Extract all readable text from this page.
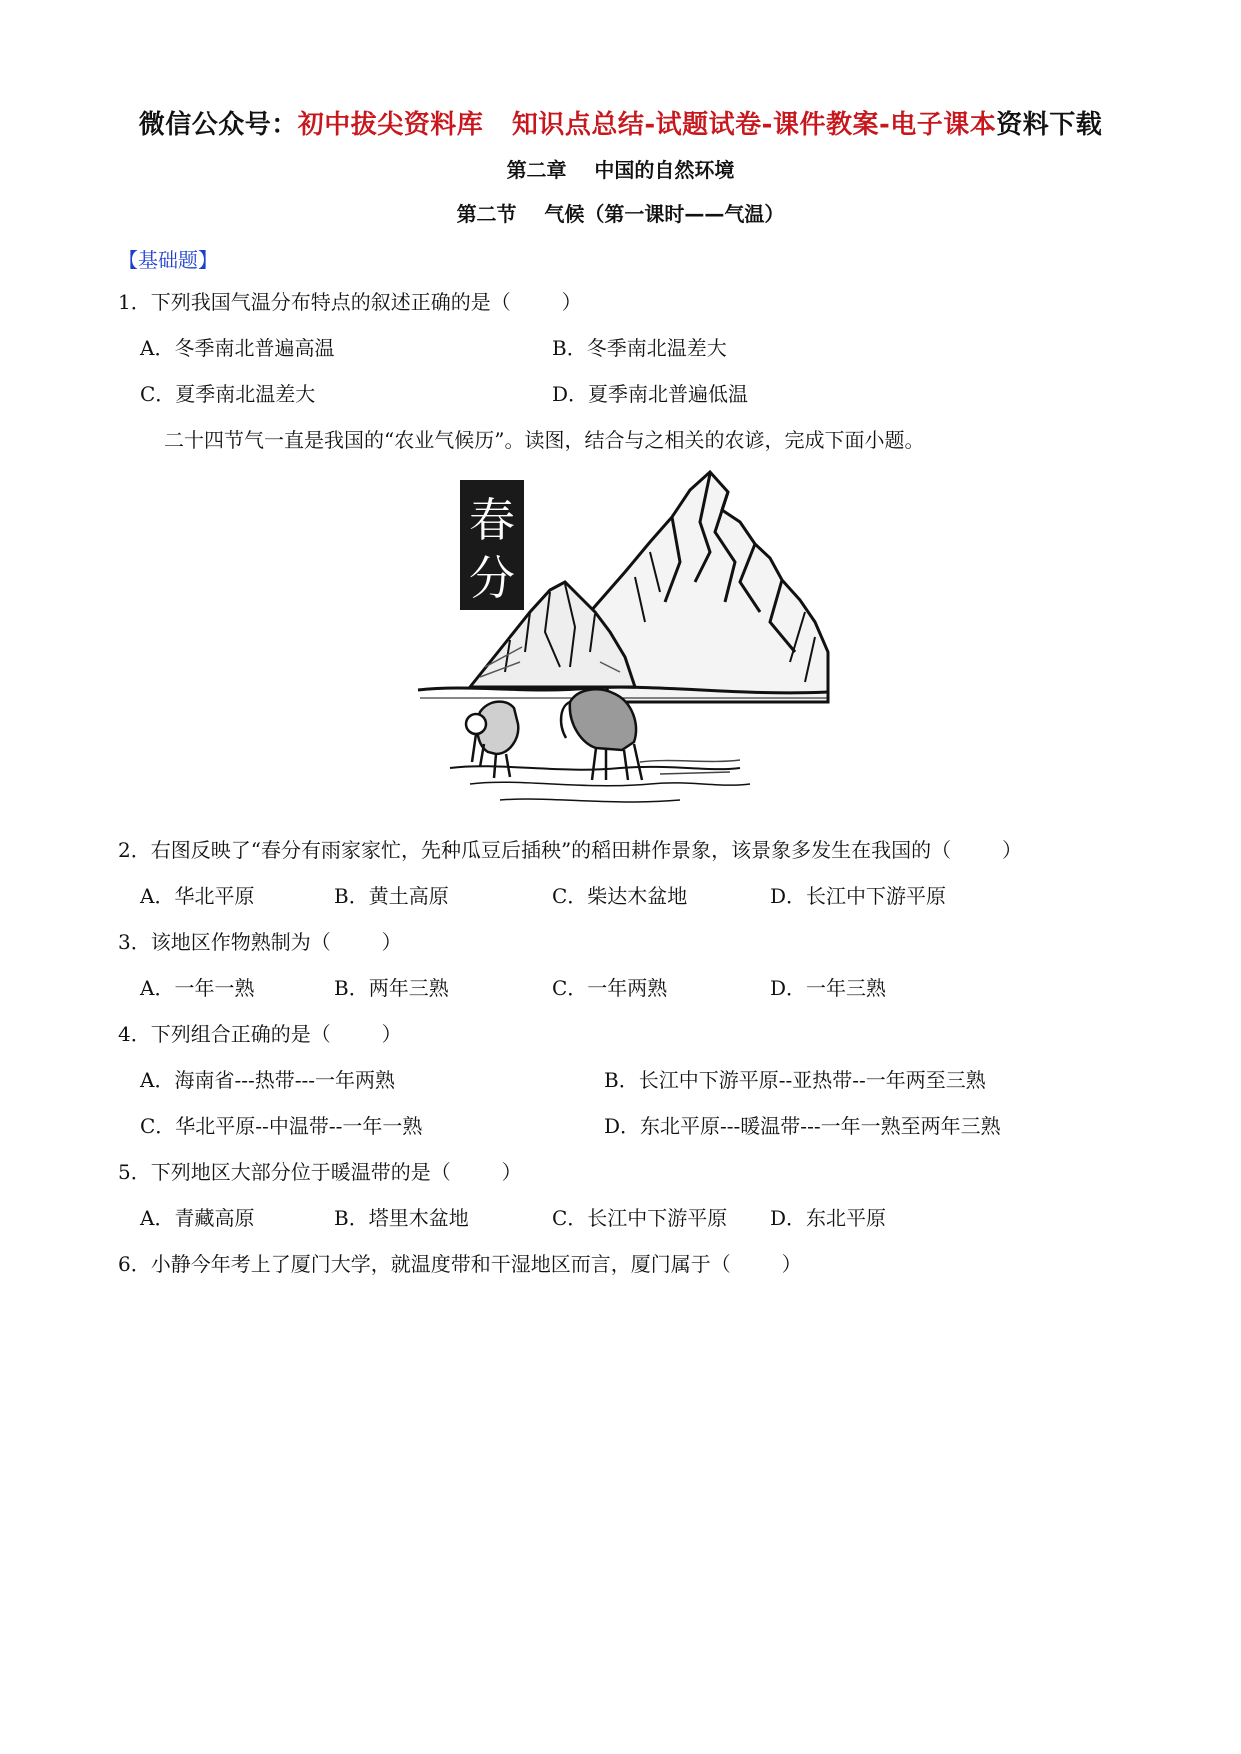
微信公众号：初中拔尖资料库   知识点总结-试题试卷-课件教案-电子课本资料下载
第二章    中国的自然环境
第二节    气候（第一课时——气温）
【基础题】
1．下列我国气温分布特点的叙述正确的是（        ）
A．冬季南北普遍高温	B．冬季南北温差大
C．夏季南北温差大	D．夏季南北普遍低温
二十四节气一直是我国的“农业气候历”。读图，结合与之相关的农谚，完成下面小题。
春
分
2．右图反映了“春分有雨家家忙，先种瓜豆后插秧”的稻田耕作景象，该景象多发生在我国的（        ）
A．华北平原	B．黄土高原	C．柴达木盆地	D．长江中下游平原
3．该地区作物熟制为（        ）
A．一年一熟	B．两年三熟	C．一年两熟	D．一年三熟
4．下列组合正确的是（        ）
A．海南省---热带---一年两熟	B．长江中下游平原--亚热带--一年两至三熟
C．华北平原--中温带--一年一熟	D．东北平原---暖温带---一年一熟至两年三熟
5．下列地区大部分位于暖温带的是（        ）
A．青藏高原	B．塔里木盆地	C．长江中下游平原 D．东北平原
6．小静今年考上了厦门大学，就温度带和干湿地区而言，厦门属于（        ）
